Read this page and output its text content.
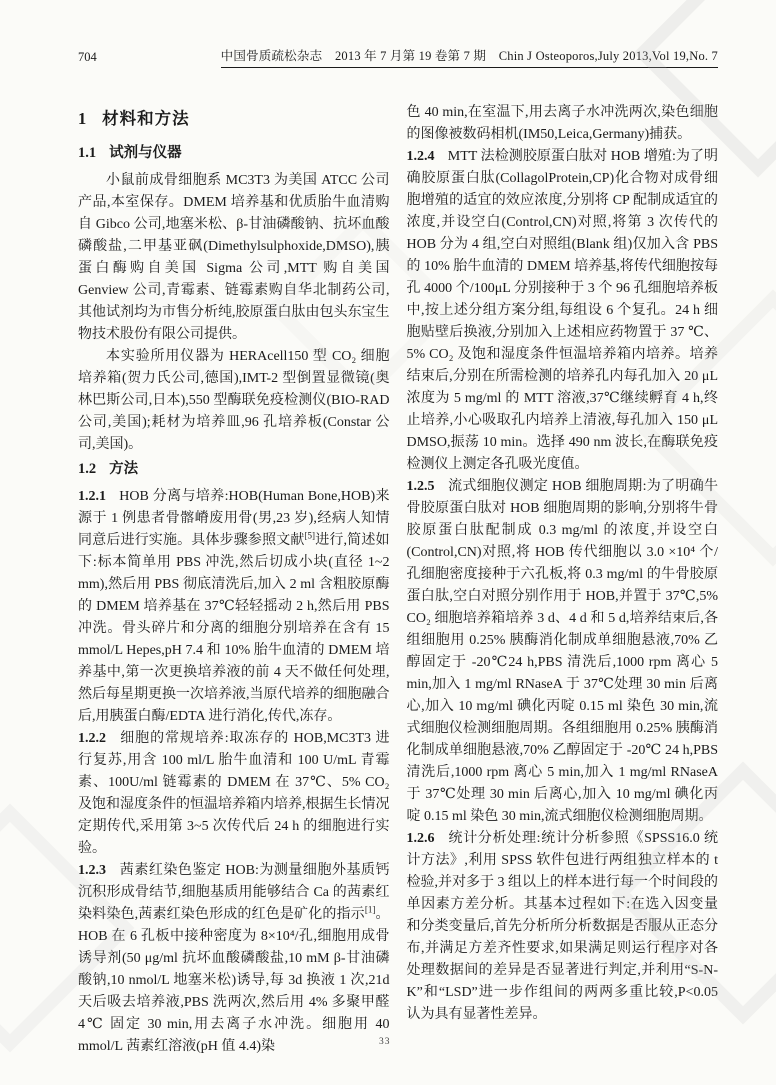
704	中国骨质疏松杂志　2013 年 7 月第 19 卷第 7 期　Chin J Osteoporos,July 2013,Vol 19,No. 7
1 材料和方法
1.1 试剂与仪器

小鼠前成骨细胞系 MC3T3 为美国 ATCC 公司产品,本室保存。DMEM 培养基和优质胎牛血清购自 Gibco 公司,地塞米松、β-甘油磷酸钠、抗坏血酸磷酸盐,二甲基亚砜(Dimethylsulphoxide,DMSO),胰蛋白酶购自美国 Sigma 公司,MTT 购自美国 Genview 公司,青霉素、链霉素购自华北制药公司,其他试剂均为市售分析纯,胶原蛋白肽由包头东宝生物技术股份有限公司提供。

本实验所用仪器为 HERAcell150 型 CO₂ 细胞培养箱(贺力氏公司,德国),IMT-2 型倒置显微镜(奥林巴斯公司,日本),550 型酶联免疫检测仪(BIO-RAD 公司,美国);耗材为培养皿,96 孔培养板(Constar 公司,美国)。

1.2 方法

1.2.1 HOB 分离与培养:HOB(Human Bone,HOB)来源于 1 例患者骨髂嵴废用骨(男,23 岁),经病人知情同意后进行实施。具体步骤参照文献[5]进行,简述如下:标本简单用 PBS 冲洗,然后切成小块(直径 1~2 mm),然后用 PBS 彻底清洗后,加入 2 ml 含粗胶原酶的 DMEM 培养基在 37℃轻轻摇动 2 h,然后用 PBS 冲洗。骨头碎片和分离的细胞分别培养在含有 15 mmol/L Hepes,pH 7.4 和 10% 胎牛血清的 DMEM 培养基中,第一次更换培养液的前 4 天不做任何处理,然后每星期更换一次培养液,当原代培养的细胞融合后,用胰蛋白酶/EDTA 进行消化,传代,冻存。

1.2.2 细胞的常规培养:取冻存的 HOB,MC3T3 进行复苏,用含 100 ml/L 胎牛血清和 100 U/mL 青霉素、100U/ml 链霉素的 DMEM 在 37℃、5% CO₂ 及饱和湿度条件的恒温培养箱内培养,根据生长情况定期传代,采用第 3~5 次传代后 24 h 的细胞进行实验。

1.2.3 茜素红染色鉴定 HOB:为测量细胞外基质钙沉积形成骨结节,细胞基质用能够结合 Ca 的茜素红染料染色,茜素红染色形成的红色是矿化的指示[1]。HOB 在 6 孔板中接种密度为 8×10⁴/孔,细胞用成骨诱导剂(50 μg/ml 抗坏血酸磷酸盐,10 mM β-甘油磷酸钠,10 nmol/L 地塞米松)诱导,每 3d 换液 1 次,21d 天后吸去培养液,PBS 洗两次,然后用 4% 多聚甲醛 4℃ 固定 30 min,用去离子水冲洗。细胞用 40 mmol/L 茜素红溶液(pH 值 4.4)染

色 40 min,在室温下,用去离子水冲洗两次,染色细胞的图像被数码相机(IM50,Leica,Germany)捕获。

1.2.4 MTT 法检测胶原蛋白肽对 HOB 增殖:为了明确胶原蛋白肽(CollagolProtein,CP)化合物对成骨细胞增殖的适宜的效应浓度,分别将 CP 配制成适宜的浓度,并设空白(Control,CN)对照,将第 3 次传代的 HOB 分为 4 组,空白对照组(Blank 组)仅加入含 PBS 的 10% 胎牛血清的 DMEM 培养基,将传代细胞按每孔 4000 个/100μL 分别接种于 3 个 96 孔细胞培养板中,按上述分组方案分组,每组设 6 个复孔。24 h 细胞贴壁后换液,分别加入上述相应药物置于 37 ℃、5% CO₂ 及饱和湿度条件恒温培养箱内培养。培养结束后,分别在所需检测的培养孔内每孔加入 20 μL 浓度为 5 mg/ml 的 MTT 溶液,37℃继续孵育 4 h,终止培养,小心吸取孔内培养上清液,每孔加入 150 μL DMSO,振荡 10 min。选择 490 nm 波长,在酶联免疫检测仪上测定各孔吸光度值。

1.2.5 流式细胞仪测定 HOB 细胞周期:为了明确牛骨胶原蛋白肽对 HOB 细胞周期的影响,分别将牛骨胶原蛋白肽配制成 0.3 mg/ml 的浓度,并设空白(Control,CN)对照,将 HOB 传代细胞以 3.0 ×10⁴ 个/孔细胞密度接种于六孔板,将 0.3 mg/ml 的牛骨胶原蛋白肽,空白对照分别作用于 HOB,并置于 37℃,5% CO₂ 细胞培养箱培养 3 d、4 d 和 5 d,培养结束后,各组细胞用 0.25% 胰酶消化制成单细胞悬液,70% 乙醇固定于 -20℃24 h,PBS 清洗后,1000 rpm 离心 5 min,加入 1 mg/ml RNaseA 于 37℃处理 30 min 后离心,加入 10 mg/ml 碘化丙啶 0.15 ml 染色 30 min,流式细胞仪检测细胞周期。各组细胞用 0.25% 胰酶消化制成单细胞悬液,70% 乙醇固定于 -20℃ 24 h,PBS 清洗后,1000 rpm 离心 5 min,加入 1 mg/ml RNaseA 于 37℃处理 30 min 后离心,加入 10 mg/ml 碘化丙啶 0.15 ml 染色 30 min,流式细胞仪检测细胞周期。

1.2.6 统计分析处理:统计分析参照《SPSS16.0 统计方法》,利用 SPSS 软件包进行两组独立样本的 t 检验,并对多于 3 组以上的样本进行每一个时间段的单因素方差分析。其基本过程如下:在选入因变量和分类变量后,首先分析所分析数据是否服从正态分布,并满足方差齐性要求,如果满足则运行程序对各处理数据间的差异是否显著进行判定,并利用“S-N-K”和“LSD”进一步作组间的两两多重比较,P<0.05 认为具有显著性差异。

33
